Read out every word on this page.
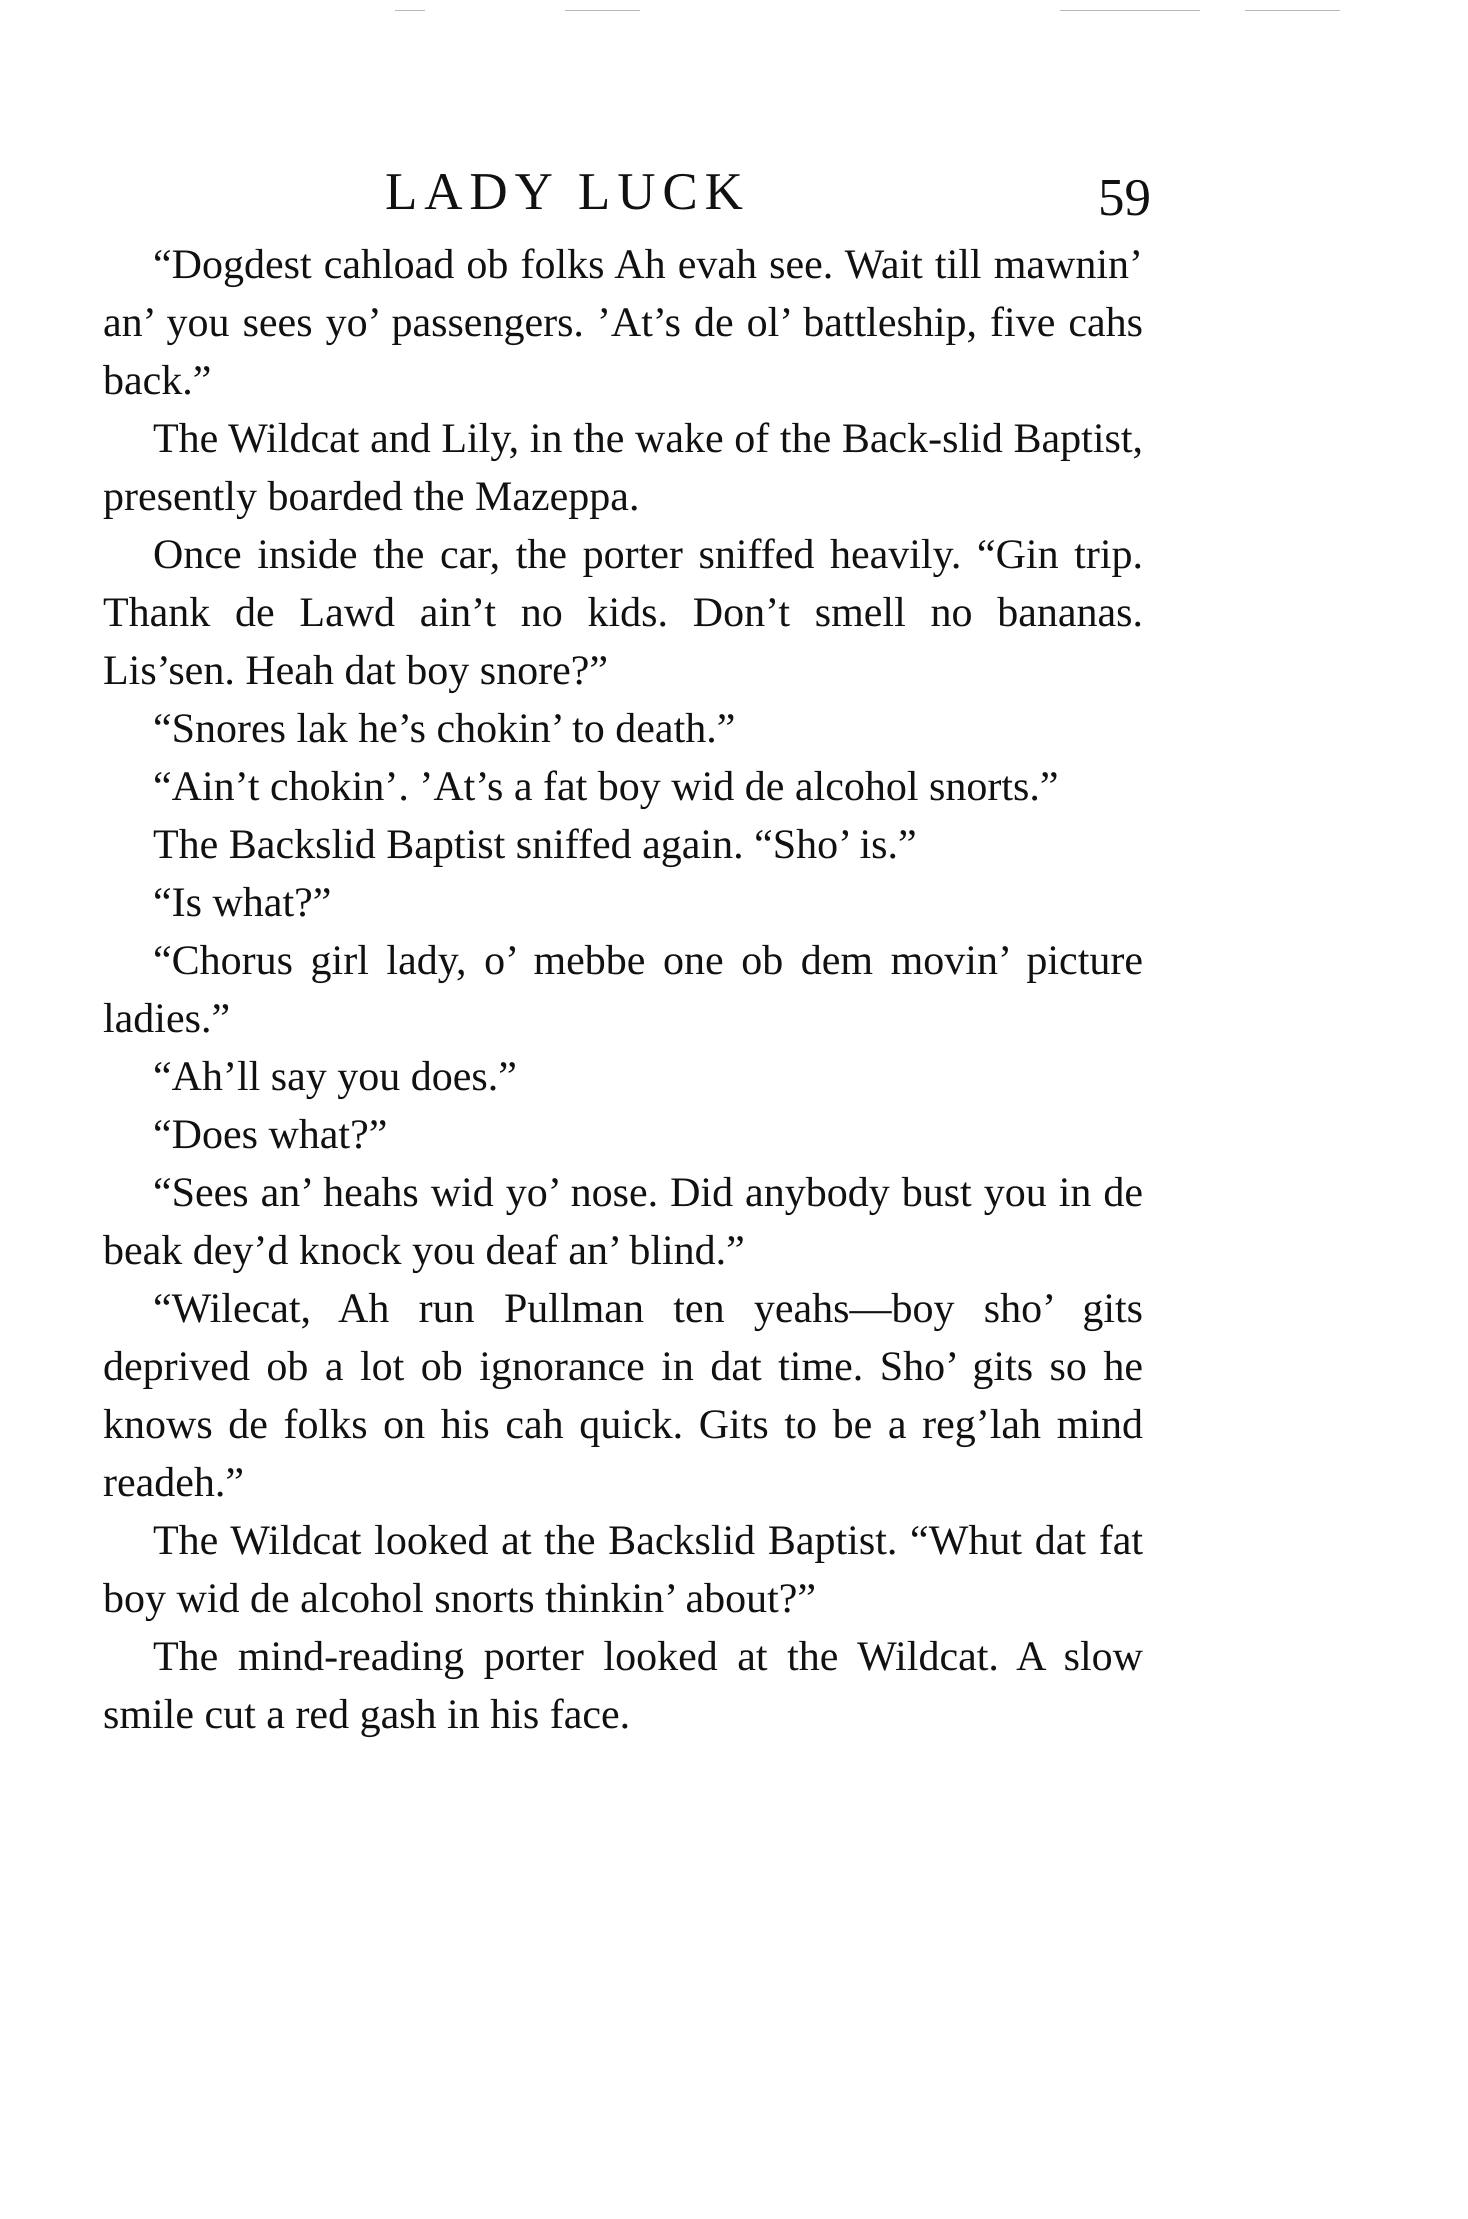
LADY LUCK	59

“Dogdest cahload ob folks Ah evah see. Wait till mawnin’ an’ you sees yo’ passengers. ’At’s de ol’ battleship, five cahs back.”

The Wildcat and Lily, in the wake of the Back-slid Baptist, presently boarded the Mazeppa.

Once inside the car, the porter sniffed heavily. “Gin trip. Thank de Lawd ain’t no kids. Don’t smell no bananas. Lis’sen. Heah dat boy snore?”

“Snores lak he’s chokin’ to death.”

“Ain’t chokin’. ’At’s a fat boy wid de alcohol snorts.”

The Backslid Baptist sniffed again. “Sho’ is.”

“Is what?”

“Chorus girl lady, o’ mebbe one ob dem movin’ picture ladies.”

“Ah’ll say you does.”

“Does what?”

“Sees an’ heahs wid yo’ nose. Did anybody bust you in de beak dey’d knock you deaf an’ blind.”

“Wilecat, Ah run Pullman ten yeahs—boy sho’ gits deprived ob a lot ob ignorance in dat time. Sho’ gits so he knows de folks on his cah quick. Gits to be a reg’lah mind readeh.”

The Wildcat looked at the Backslid Baptist. “Whut dat fat boy wid de alcohol snorts thinkin’ about?”

The mind-reading porter looked at the Wildcat. A slow smile cut a red gash in his face.
